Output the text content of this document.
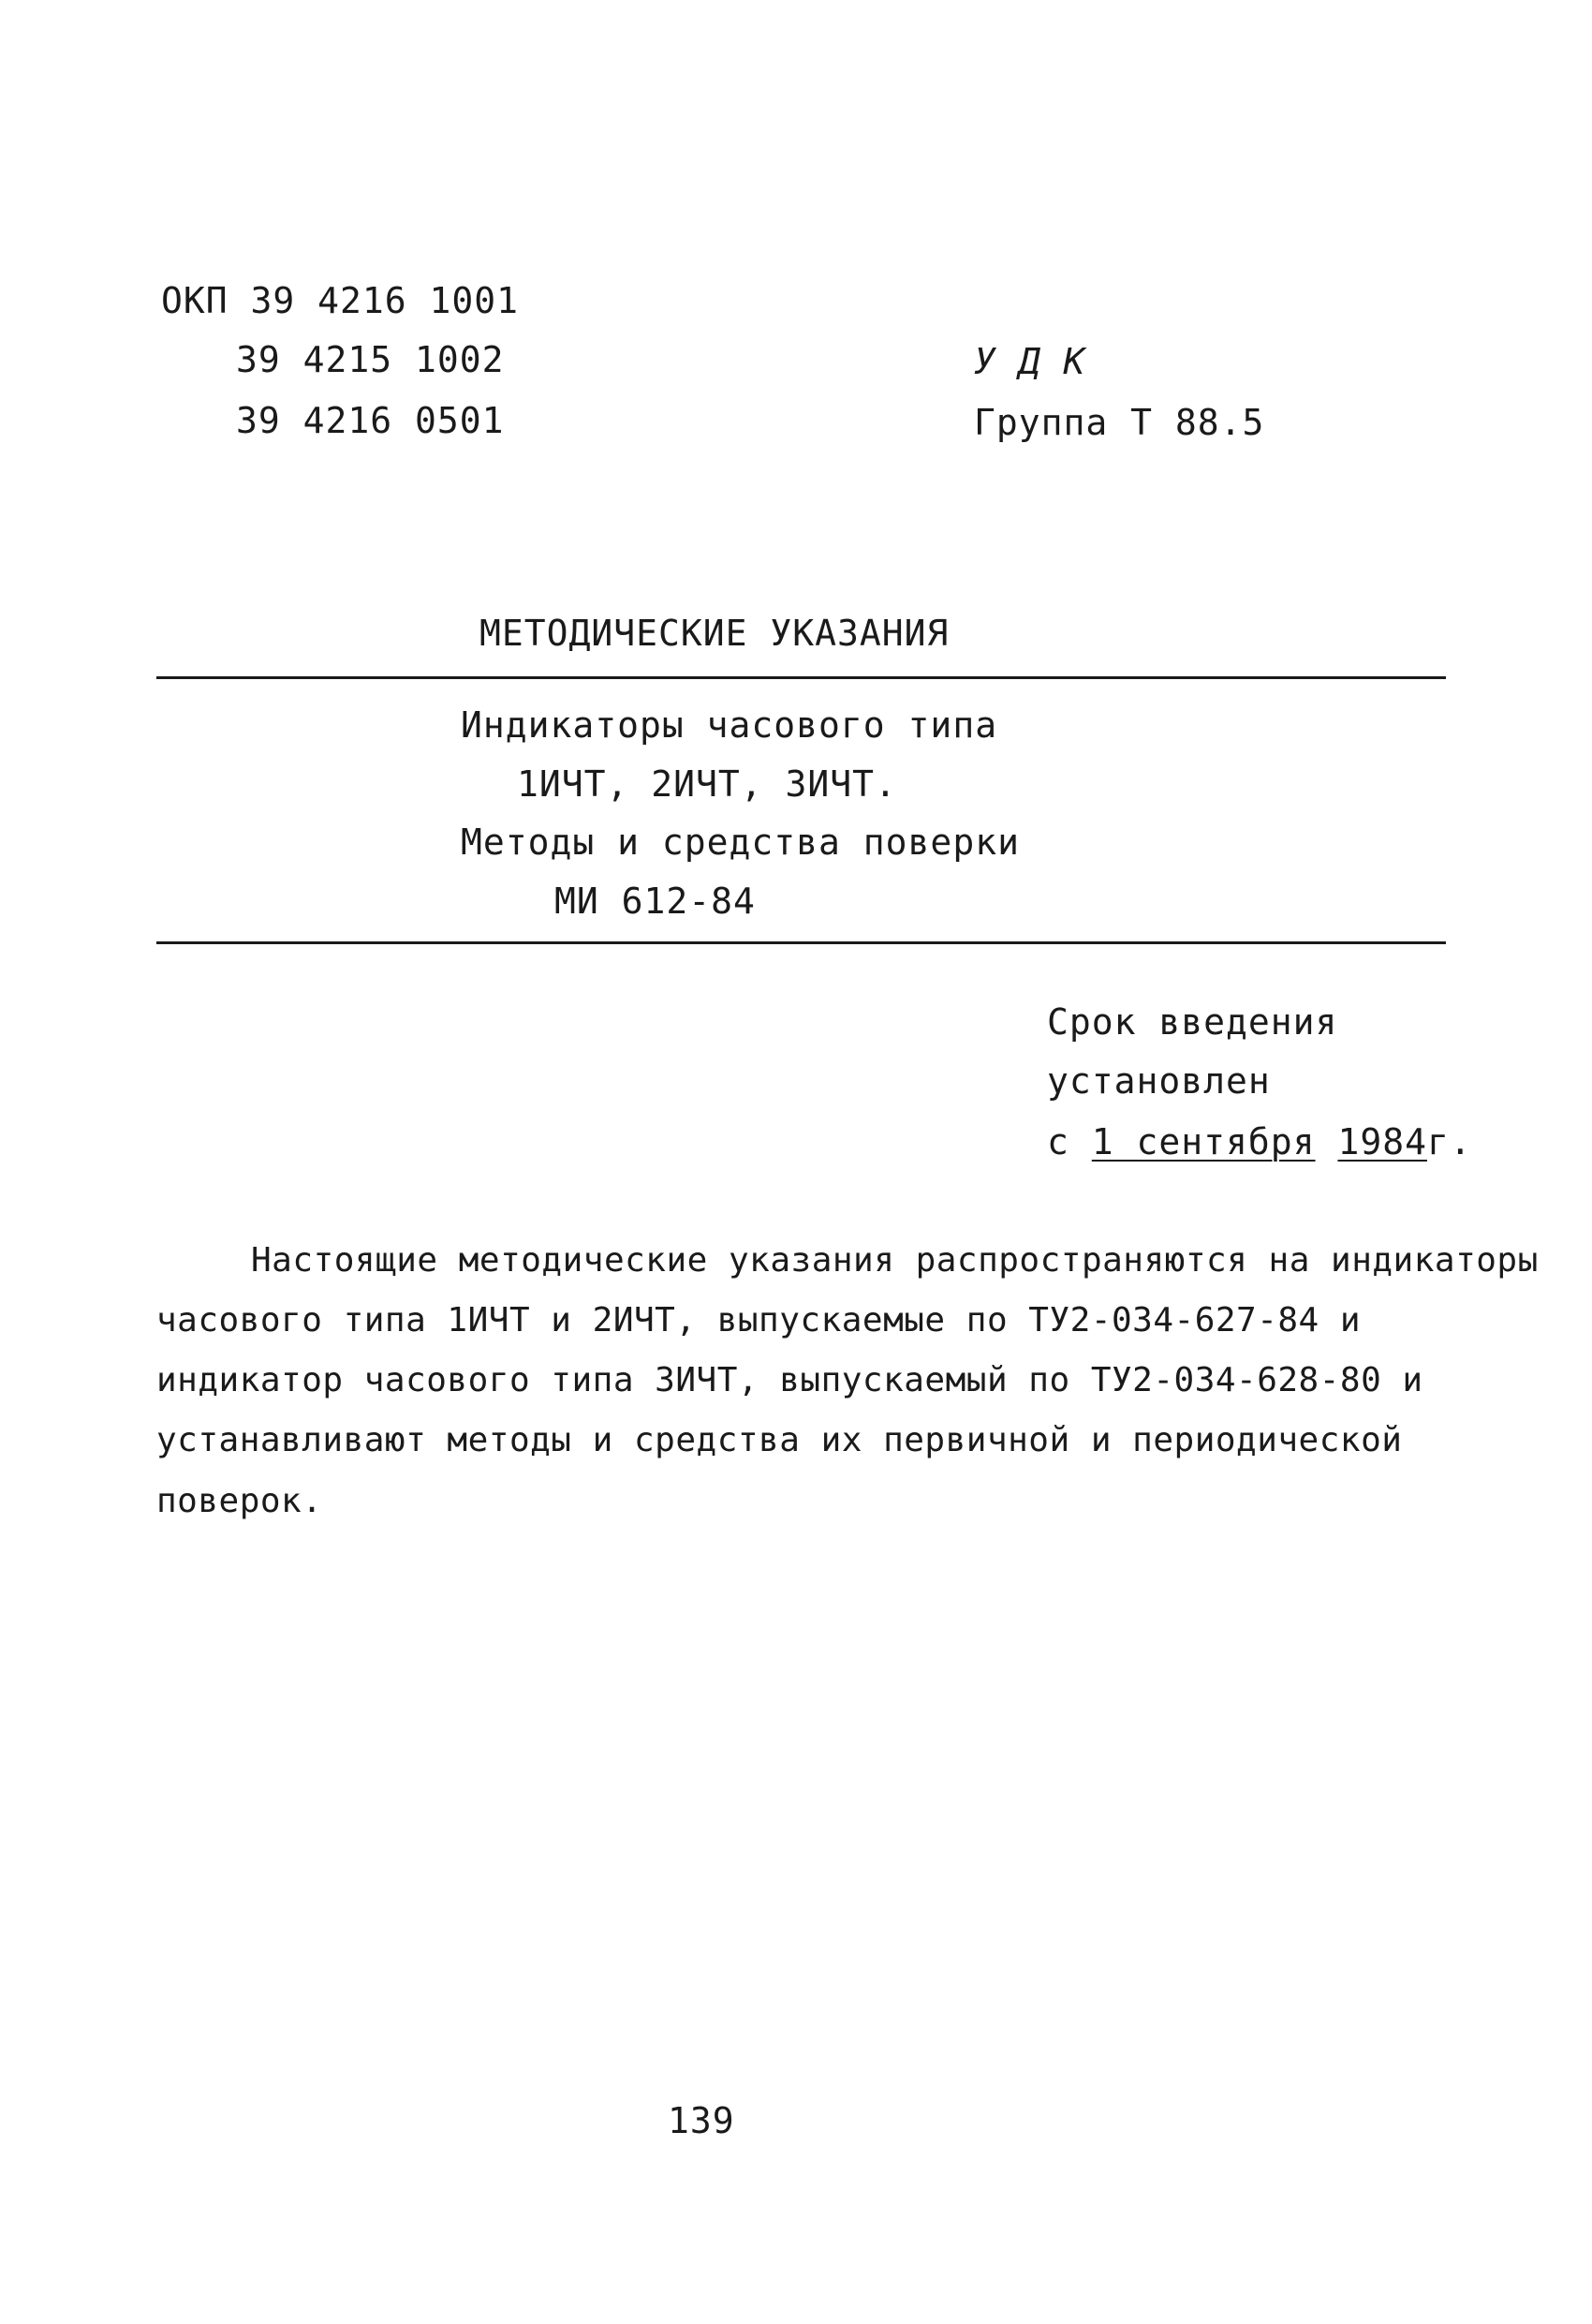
ОКП 39 4216 1001
39 4215 1002
39 4216 0501
У Д К
Группа Т 88.5
МЕТОДИЧЕСКИЕ УКАЗАНИЯ
Индикаторы часового типа
1ИЧТ, 2ИЧТ, 3ИЧТ.
Методы и средства поверки
МИ 612-84
Срок введения
установлен
с 1 сентября 1984г.
Настоящие методические указания распространяются на индикаторы
часового типа 1ИЧТ и 2ИЧТ, выпускаемые по ТУ2-034-627-84 и
индикатор часового типа 3ИЧТ, выпускаемый по ТУ2-034-628-80 и
устанавливают методы и средства их первичной и периодической
поверок.
139
